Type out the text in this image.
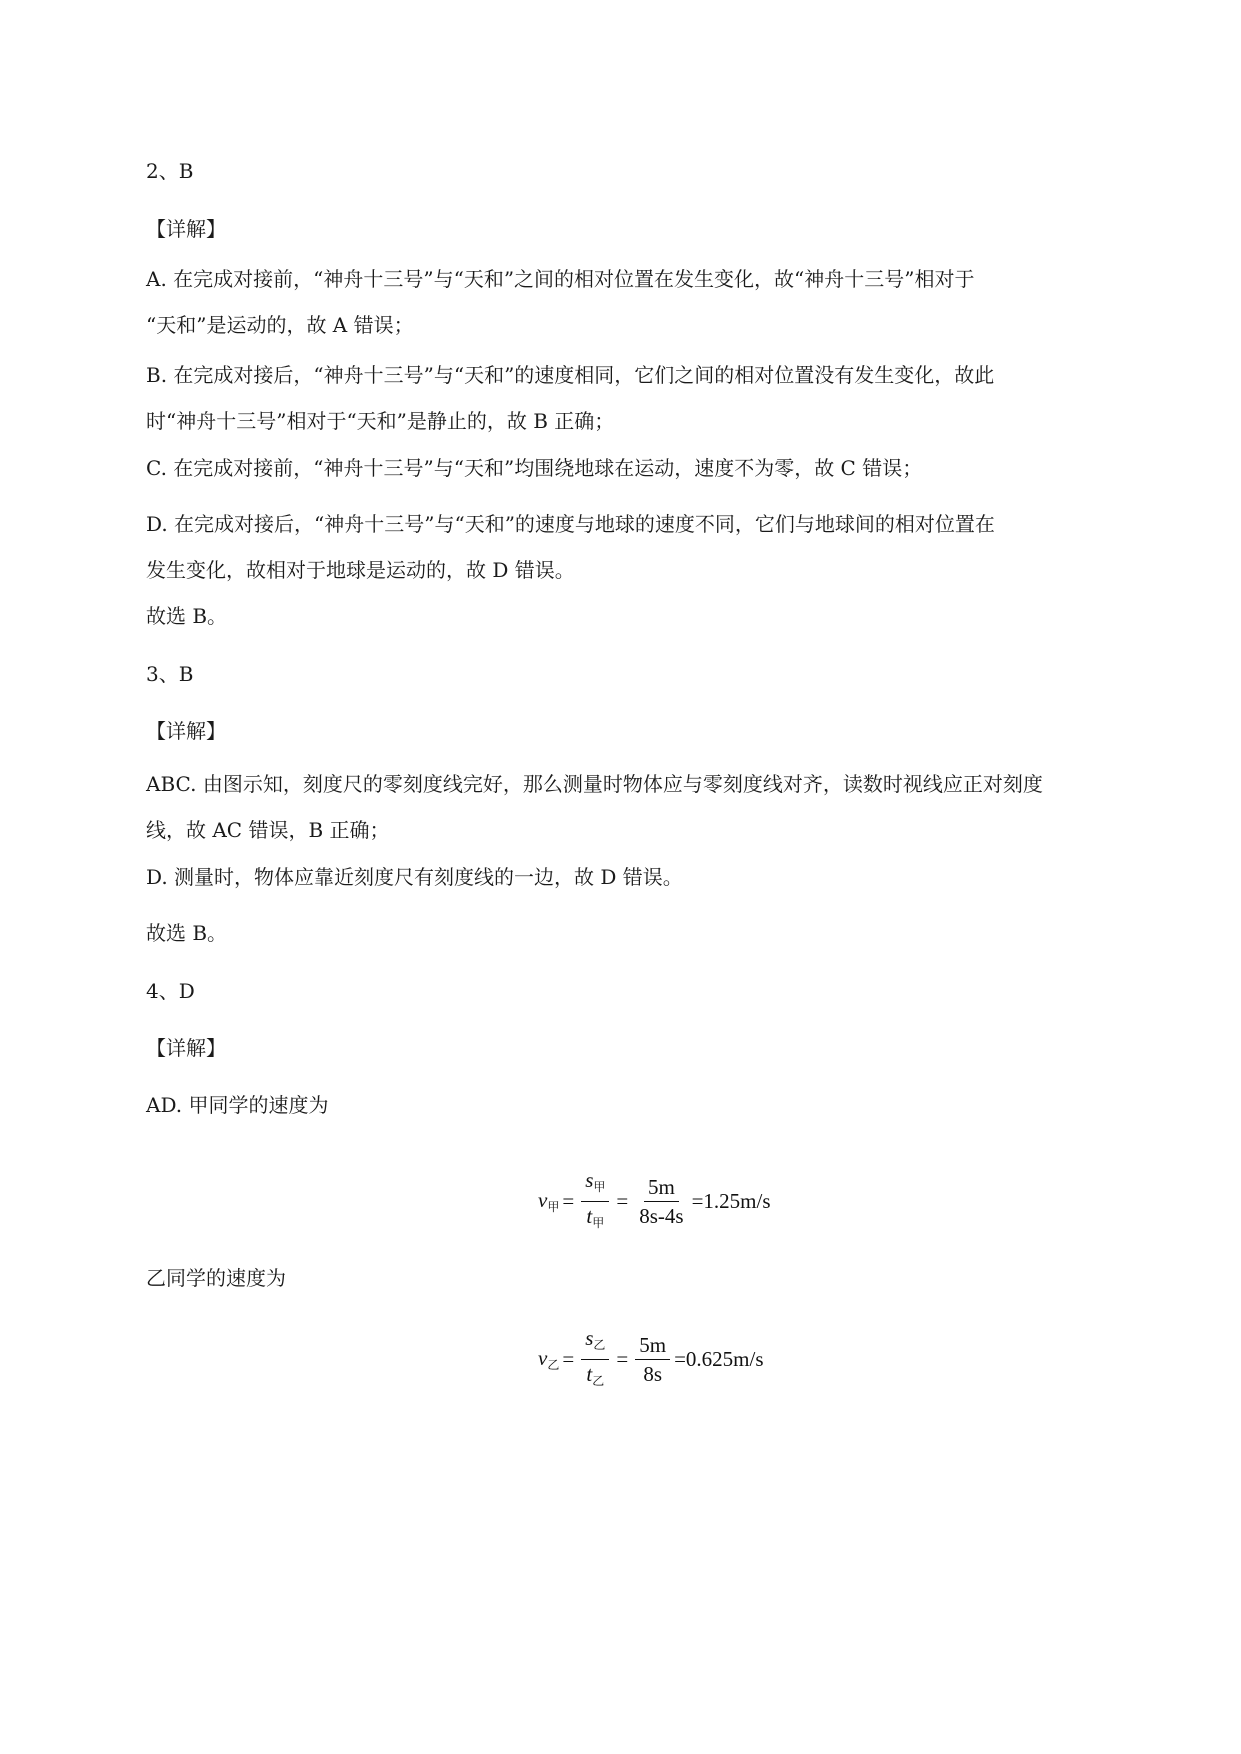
2、B
【详解】
A. 在完成对接前，“神舟十三号”与“天和”之间的相对位置在发生变化，故“神舟十三号”相对于
“天和”是运动的，故 A 错误；
B. 在完成对接后，“神舟十三号”与“天和”的速度相同，它们之间的相对位置没有发生变化，故此
时“神舟十三号”相对于“天和”是静止的，故 B 正确；
C. 在完成对接前，“神舟十三号”与“天和”均围绕地球在运动，速度不为零，故 C 错误；
D. 在完成对接后，“神舟十三号”与“天和”的速度与地球的速度不同，它们与地球间的相对位置在
发生变化，故相对于地球是运动的，故 D 错误。
故选 B。
3、B
【详解】
ABC. 由图示知，刻度尺的零刻度线完好，那么测量时物体应与零刻度线对齐，读数时视线应正对刻度
线，故 AC 错误，B 正确；
D. 测量时，物体应靠近刻度尺有刻度线的一边，故 D 错误。
故选 B。
4、D
【详解】
AD. 甲同学的速度为
$v_甲 = \frac{s_甲}{t_甲} = \frac{5m}{8s-4s} =1.25m/s$
乙同学的速度为
$v_乙 = \frac{s_乙}{t_乙} = \frac{5m}{8s} =0.625m/s$
